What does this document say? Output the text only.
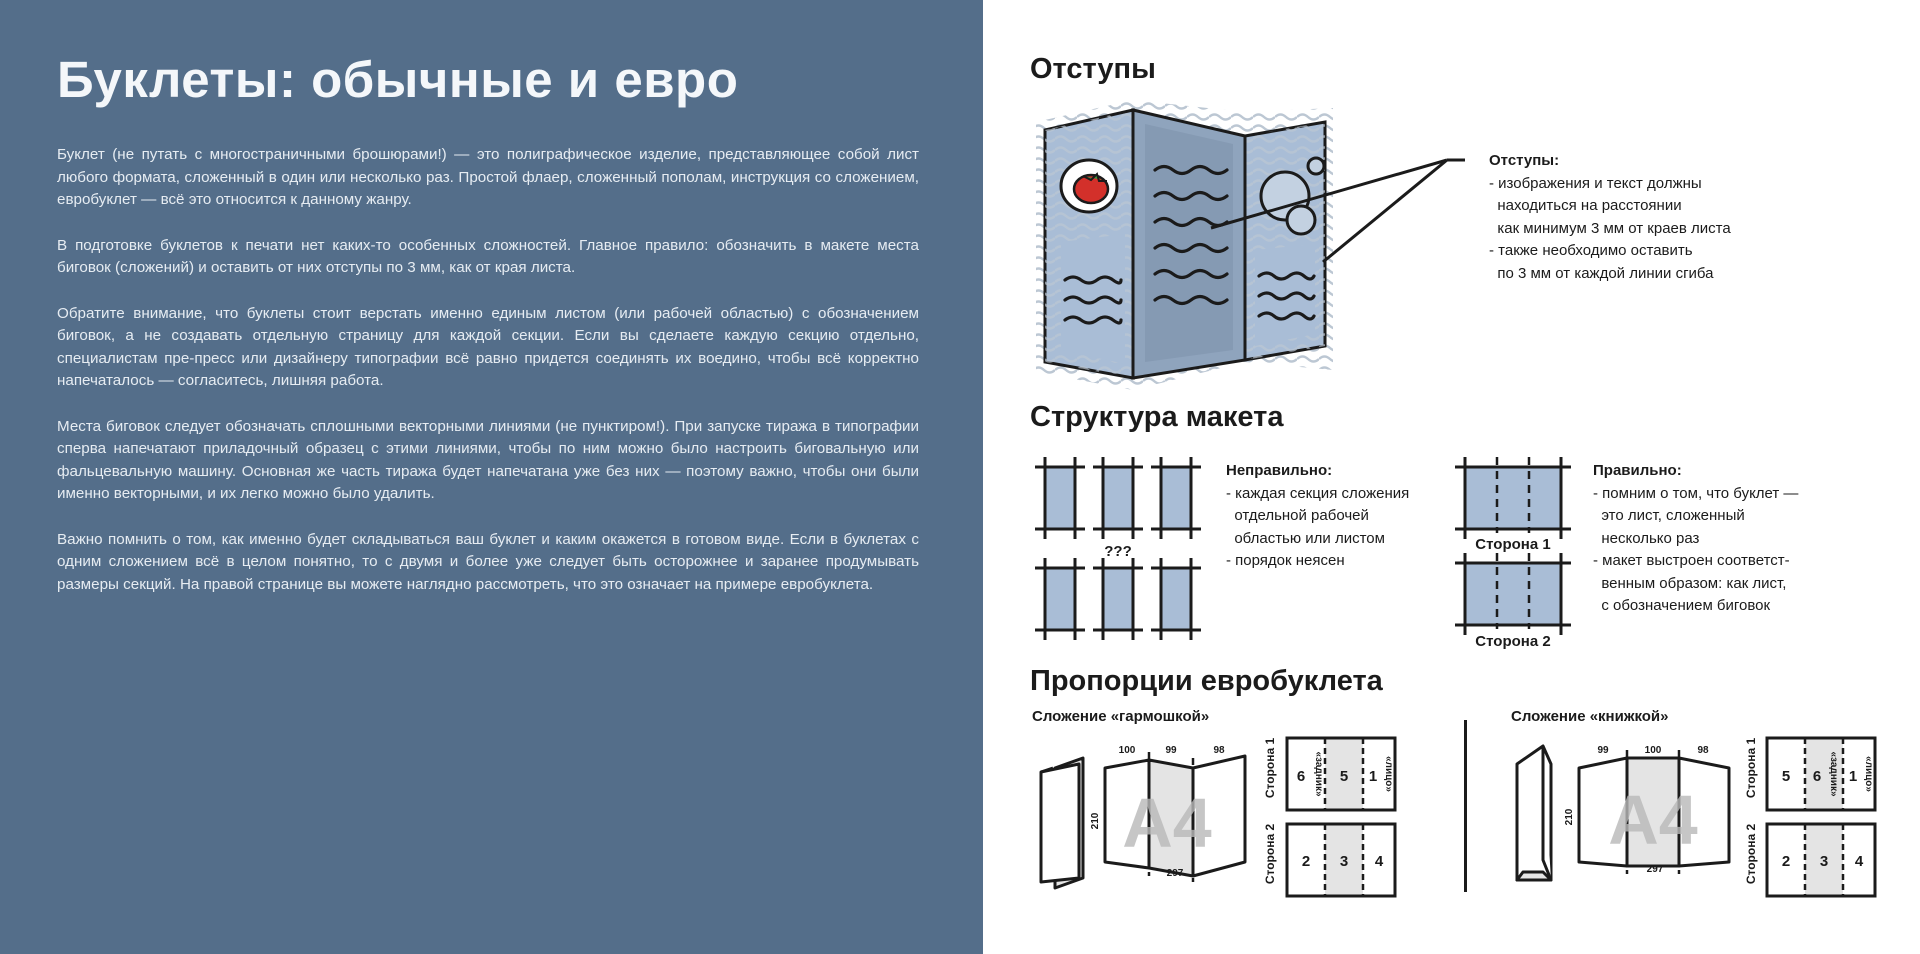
Буклеты: обычные и евро

Буклет (не путать с многостраничными брошюрами!) — это полиграфическое изделие, представляющее собой лист любого формата, сложенный в один или несколько раз. Простой флаер, сложенный пополам, инструкция со сложением, евробуклет — всё это относится к данному жанру.

В подготовке буклетов к печати нет каких-то особенных сложностей. Главное правило: обозначить в макете места биговок (сложений) и оставить от них отступы по 3 мм, как от края листа.

Обратите внимание, что буклеты стоит верстать именно единым листом (или рабочей областью) с обозначением биговок, а не создавать отдельную страницу для каждой секции. Если вы сделаете каждую секцию отдельно, специалистам пре-пресс или дизайнеру типографии всё равно придется соединять их воедино, чтобы всё корректно напечаталось — согласитесь, лишняя работа.

Места биговок следует обозначать сплошными векторными линиями (не пунктиром!). При запуске тиража в типографии сперва напечатают приладочный образец с этими линиями, чтобы по ним можно было настроить биговальную или фальцевальную машину. Основная же часть тиража будет напечатана уже без них — поэтому важно, чтобы они были именно векторными, и их легко можно было удалить.

Важно помнить о том, как именно будет складываться ваш буклет и каким окажется в готовом виде. Если в буклетах с одним сложением всё в целом понятно, то с двумя и более уже следует быть осторожнее и заранее продумывать размеры секций. На правой странице вы можете наглядно рассмотреть, что это означает на примере евробуклета.

Отступы
Отступы:
- изображения и текст должны
находиться на расстоянии
как минимум 3 мм от краев листа
- также необходимо оставить
по 3 мм от каждой линии сгиба
Структура макета
???
Неправильно:
- каждая секция сложения
отдельной рабочей
областью или листом
- порядок неясен
Сторона 1
Сторона 2
Правильно:
- помним о том, что буклет —
это лист, сложенный
несколько раз
- макет выстроен соответст-
венным образом: как лист,
с обозначением биговок
Пропорции евробуклета
Сложение «гармошкой»	Сложение «книжкой»
A4
100	99	98
210
297
Сторона 1
Сторона 2
6 «задник» 5 1 «лицо»
2 3 4
A4
99	100	98
210
297
Сторона 1
Сторона 2
5 6 «задник» 1 «лицо»
2 3 4
